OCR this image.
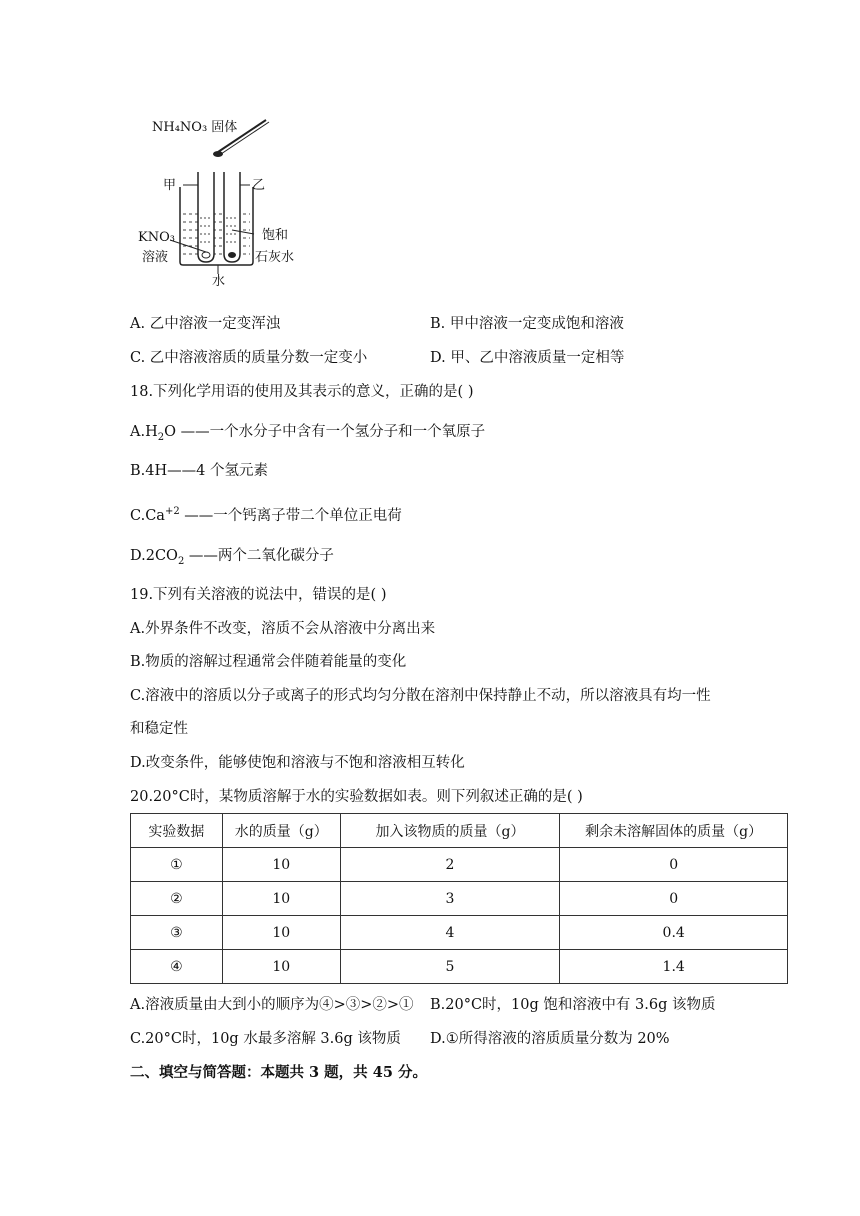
NH₄NO₃ 固体
甲	乙
KNO₃
溶液
饱和
石灰水
水
A. 乙中溶液一定变浑浊	B. 甲中溶液一定变成饱和溶液
C. 乙中溶液溶质的质量分数一定变小	D. 甲、乙中溶液质量一定相等
18.下列化学用语的使用及其表示的意义，正确的是( )
$A.H_2O$ ——一个水分子中含有一个氢分子和一个氧原子
B.4H——4 个氢元素
$C.Ca^{+2}$ ——一个钙离子带二个单位正电荷
$D.2CO_2$ ——两个二氧化碳分子
19.下列有关溶液的说法中，错误的是( )
A.外界条件不改变，溶质不会从溶液中分离出来
B.物质的溶解过程通常会伴随着能量的变化
C.溶液中的溶质以分子或离子的形式均匀分散在溶剂中保持静止不动，所以溶液具有均一性
和稳定性
D.改变条件，能够使饱和溶液与不饱和溶液相互转化
20.20°C时，某物质溶解于水的实验数据如表。则下列叙述正确的是( )
实验数据	水的质量（g）	加入该物质的质量（g）	剩余未溶解固体的质量（g）
①	10	2	0
②	10	3	0
③	10	4	0.4
④	10	5	1.4
A.溶液质量由大到小的顺序为④>③>②>① B.20°C时，10g 饱和溶液中有 3.6g 该物质
C.20°C时，10g 水最多溶解 3.6g 该物质 D.①所得溶液的溶质质量分数为 20%
二、填空与简答题：本题共 3 题，共 45 分。
